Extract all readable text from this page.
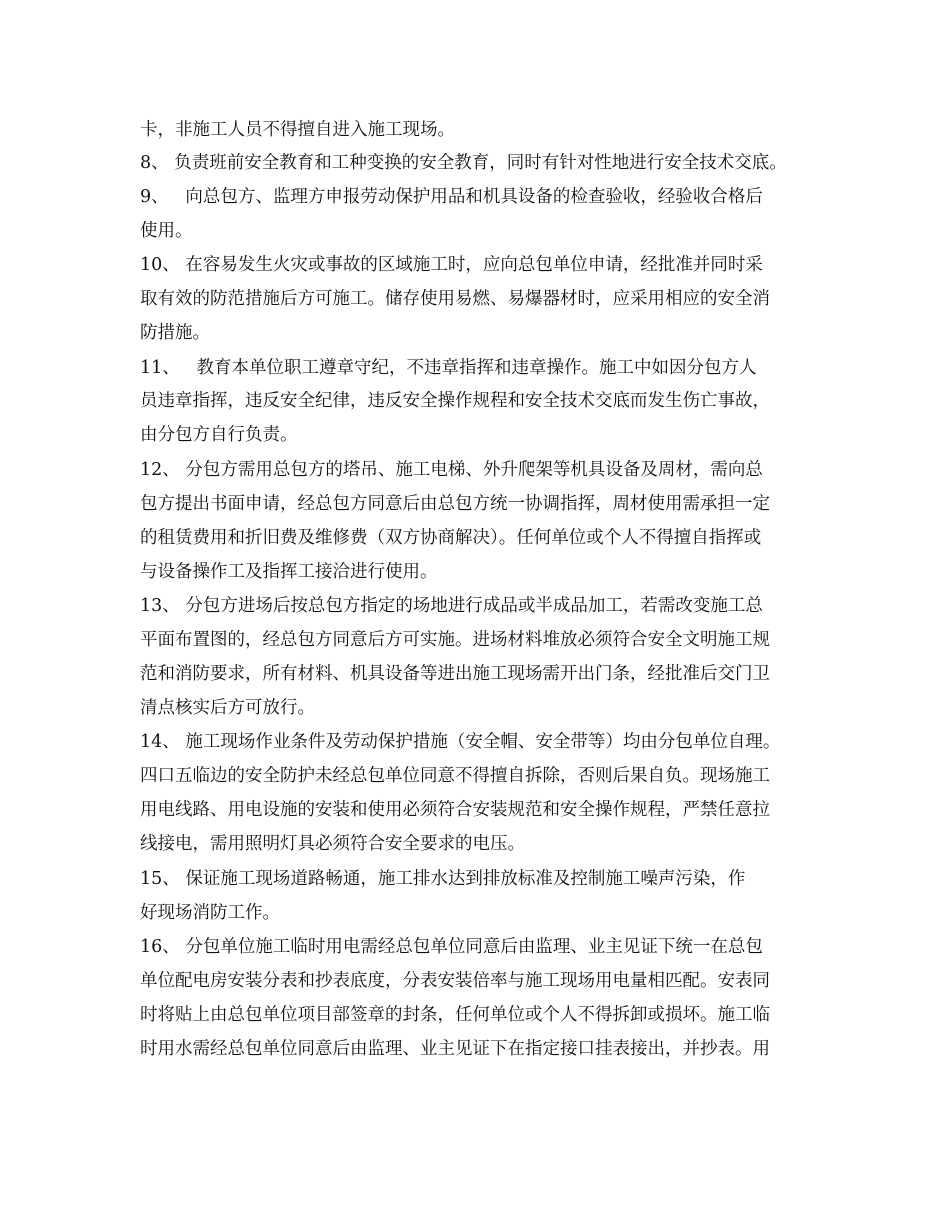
卡，非施工人员不得擅自进入施工现场。
8、 负责班前安全教育和工种变换的安全教育，同时有针对性地进行安全技术交底。
9、   向总包方、监理方申报劳动保护用品和机具设备的检查验收，经验收合格后
使用。
10、 在容易发生火灾或事故的区域施工时，应向总包单位申请，经批准并同时采
取有效的防范措施后方可施工。储存使用易燃、易爆器材时，应采用相应的安全消
防措施。
11、   教育本单位职工遵章守纪，不违章指挥和违章操作。施工中如因分包方人
员违章指挥，违反安全纪律，违反安全操作规程和安全技术交底而发生伤亡事故，
由分包方自行负责。
12、 分包方需用总包方的塔吊、施工电梯、外升爬架等机具设备及周材，需向总
包方提出书面申请，经总包方同意后由总包方统一协调指挥，周材使用需承担一定
的租赁费用和折旧费及维修费（双方协商解决）。任何单位或个人不得擅自指挥或
与设备操作工及指挥工接洽进行使用。
13、 分包方进场后按总包方指定的场地进行成品或半成品加工，若需改变施工总
平面布置图的，经总包方同意后方可实施。进场材料堆放必须符合安全文明施工规
范和消防要求，所有材料、机具设备等进出施工现场需开出门条，经批准后交门卫
清点核实后方可放行。
14、 施工现场作业条件及劳动保护措施（安全帽、安全带等）均由分包单位自理。
四口五临边的安全防护未经总包单位同意不得擅自拆除，否则后果自负。现场施工
用电线路、用电设施的安装和使用必须符合安装规范和安全操作规程，严禁任意拉
线接电，需用照明灯具必须符合安全要求的电压。
15、 保证施工现场道路畅通，施工排水达到排放标准及控制施工噪声污染，作
好现场消防工作。
16、 分包单位施工临时用电需经总包单位同意后由监理、业主见证下统一在总包
单位配电房安装分表和抄表底度，分表安装倍率与施工现场用电量相匹配。安表同
时将贴上由总包单位项目部签章的封条，任何单位或个人不得拆卸或损坏。施工临
时用水需经总包单位同意后由监理、业主见证下在指定接口挂表接出，并抄表。用
